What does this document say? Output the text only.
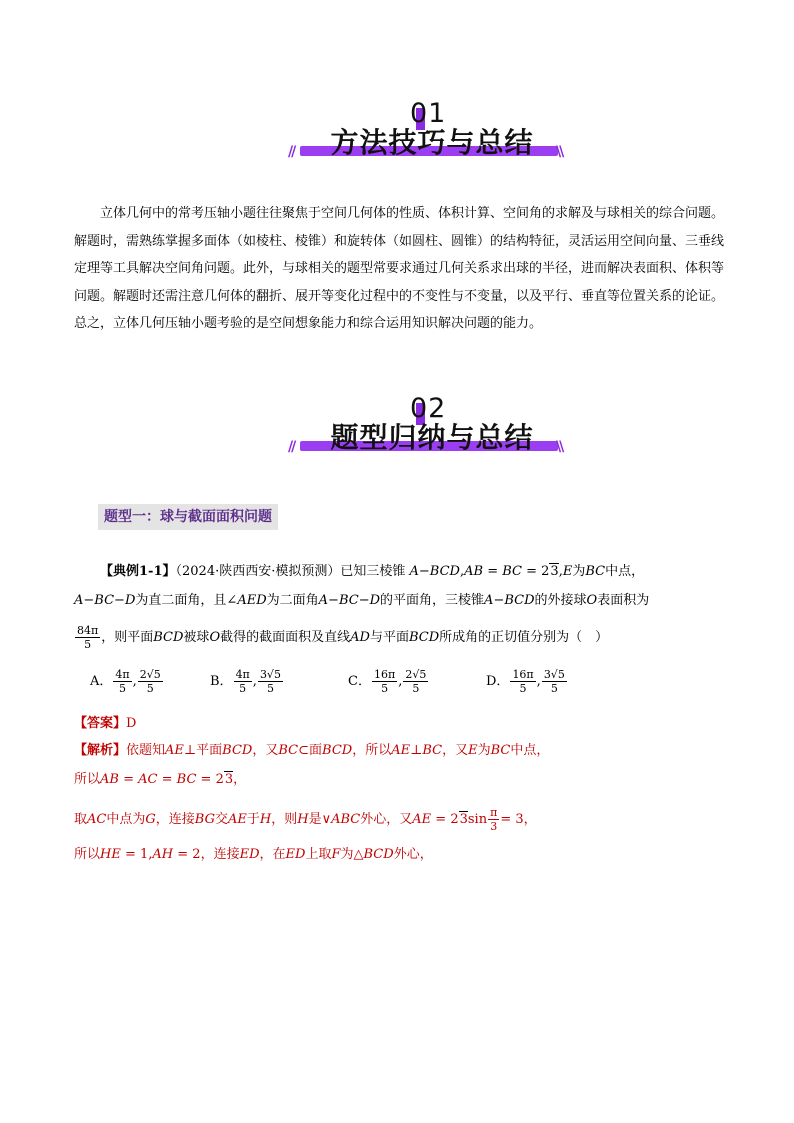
01
方法技巧与总结
//	\\
立体几何中的常考压轴小题往往聚焦于空间几何体的性质、体积计算、空间角的求解及与球相关的综合问题。解题时，需熟练掌握多面体（如棱柱、棱锥）和旋转体（如圆柱、圆锥）的结构特征，灵活运用空间向量、三垂线定理等工具解决空间角问题。此外，与球相关的题型常要求通过几何关系求出球的半径，进而解决表面积、体积等问题。解题时还需注意几何体的翻折、展开等变化过程中的不变性与不变量，以及平行、垂直等位置关系的论证。总之，立体几何压轴小题考验的是空间想象能力和综合运用知识解决问题的能力。
02
题型归纳与总结
//	\\
题型一：球与截面面积问题
【典例1-1】（2024·陕西西安·模拟预测）已知三棱锥 A−BCD,AB = BC = 23,E为BC中点，
A−BC−D为直二面角，且∠AED为二面角A−BC−D的平面角，三棱锥A−BCD的外接球O表面积为
$\frac{84\pi}{5}$ ，则平面BCD被球O截得的截面面积及直线AD与平面BCD所成角的正切值分别为（　）
A． $\frac{4\pi}{5}$ , $\frac{2√5}{5}$	B． $\frac{4\pi}{5}$ , $\frac{3√5}{5}$	C． $\frac{16\pi}{5}$ , $\frac{2√5}{5}$	D． $\frac{16\pi}{5}$ , $\frac{3√5}{5}$
【答案】D
【解析】依题知AE⊥平面BCD，又BC⊂面BCD，所以AE⊥BC，又E为BC中点，
所以AB = AC = BC = 23，
取AC中点为G，连接BG交AE于H，则H是∨ABC外心，又AE = $23\sin \frac{\pi}{3} = 3$，
所以HE = 1,AH = 2，连接ED，在ED上取F为△BCD外心，
